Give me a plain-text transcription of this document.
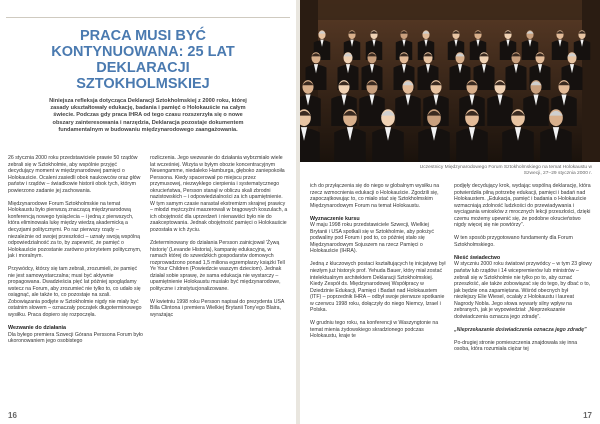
PRACA MUSI BYĆ KONTYNUOWANA: 25 LAT DEKLARACJI SZTOKHOLMSKIEJ
Niniejsza refleksja dotycząca Deklaracji Sztokholmskiej z 2000 roku, której zasady ukształtowały edukację, badania i pamięć o Holokauście na całym świecie. Podczas gdy praca IHRA od tego czasu rozszerzyła się o nowe obszary zainteresowania i narzędzia, Deklaracja pozostaje dokumentem fundamentalnym w budowaniu międzynarodowego zaangażowania.

26 stycznia 2000 roku przedstawiciele prawie 50 rządów zebrali się w Sztokholmie, aby wspólnie przyjęć decydujący moment w międzynarodowej pamięci o Holokauście. Ocaleni zasiedli obok naukowców oraz głów państw i rządów – świadkowie historii obok tych, którym powierzono zadanie jej zachowania.

Międzynarodowe Forum Sztokholmskie na temat Holokaustu było pierwszą znaczącą międzynarodową konferencją nowego tysiąclecia – i jedną z pierwszych, która eliminowała lukę między wiedzą akademicką a decyzjami politycznymi. Po raz pierwszy rządy – niezależnie od swojej przeszłości – uznały swoją wspólną odpowiedzialność za to, by zapewnić, że pamięć o Holokauście pozostanie zarówno priorytetem politycznym, jak i moralnym.

Przywódcy, którzy się tam zebrali, zrozumieli, że pamięć nie jest samowystarczalna; musi być aktywnie propagowana. Dwadzieścia pięć lat później spoglądamy wstecz na Forum, aby zrozumieć nie tylko to, co udało się osiągnąć, ale także to, co pozostaje na szali. Zobowiązania podjęte w Sztokholmie nigdy nie miały być ostatnim słowem – oznaczały początek długoterminowego wysiłku. Praca dopiero się rozpoczęła.

Wezwanie do działania

Dla byłego premiera Szwecji Górana Perssona Forum było ukoronowaniem jego osobistego

rozliczenia. Jego wezwanie do działania wybrzmiało wiele lat wcześniej. Wizyta w byłym obozie koncentracyjnym Neuengamme, niedaleko Hamburga, głęboko zaniepokoiła Perssona. Kiedy spacerował po miejscu przez przymusowej, niezwykłego cierpienia i systematycznego okrucieństwa, Persson stanął w obliczu skali zbrodni nazistowskich – i odpowiedzialności za ich upamiętnienie. W tym samym czasie narastał ekstremizm skrajnej prawicy – młodzi mężczyźni maszerowali w brągowych koszulach, a ich obojętność dla uprzedzeń i nienawiści było nie do zaakceptowania. Jednak obojętność pamięci o Holokauście pozostała w ich życiu.

Zdeterminowany do działania Persson zainicjował 'Żywą historię' (Levande Historia), kampanię edukacyjną, w ramach której do szwedzkich gospodarstw domowych rozprowadzono ponad 1,5 miliona egzemplarzy książki Tell Ye Your Children (Powiedzcie waszym dzieciom). Jednak działał sobie sprawę, że sama edukacja nie wystarczy – upamiętnienie Holokaustu musiało być międzynarodowe, polityczne i zinstytucjonalizowane.

W kwietniu 1998 roku Persson napisał do prezydenta USA Billa Clintona i premiera Wielkiej Brytanii Tony'ego Blaira, wyrażając

16
Uczestnicy Międzynarodowego Forum Sztokholmskiego na temat Holokaustu w Szwecji, 27–29 stycznia 2000 r.

ich do przyłączenia się do niego w globalnym wysiłku na rzecz wzmocnienia edukacji o Holokauście. Zgodzili się, zapoczątkowując to, co miało stać się Sztokholmskim Międzynarodowym Forum na temat Holokaustu.

Wyznaczenie kursu

W maju 1998 roku przedstawiciele Szwecji, Wielkiej Brytanii i USA spotkali się w Sztokholmie, aby położyć podwaliny pod Forum i pod to, co później stało się Międzynarodowym Sojuszem na rzecz Pamięci o Holokauście (IHRA).

Jedną z kluczowych postaci kształtujących tę inicjatywę był niezłym już historyk prof. Yehuda Bauer, który miał zostać intelektualnym architektem Deklaracji Sztokholmskiej. Kiedy Zespół ds. Międzynarodowej Współpracy w Dziedzinie Edukacji, Pamięci i Badań nad Holokaustem (ITF) – poprzednik IHRA – odbył swoje pierwsze spotkanie w czerwcu 1998 roku, dołączyły do niego Niemcy, Izrael i Polska.

W grudniu tego roku, na konferencji w Waszyngtonie na temat mienia żydowskiego skradzionego podczas Holokaustu, kraje te

podjęły decydujący krok, wydając wspólną deklarację, która potwierdziła pilną potrzebę edukacji, pamięci i badań nad Holokaustem. „Edukacja, pamięć i badania o Holokauście wzmacniają zdolność ludzkości do przewiadywania i wyciągania wniosków z mrocznych lekcji przeszłości, dzięki czemu możemy upewnić się, że podobne okrucieństwo nigdy więcej się nie powtórzy”.

W ten sposób przygotowano fundamenty dla Forum Sztokholmskiego.

Nieść świadectwo

W styczniu 2000 roku światowi przywódcy – w tym 23 głowy państw lub rządów i 14 wicepremierów lub ministrów – zebrali się w Sztokholmie nie tylko po to, aby oznać przeszłość, ale także zobowiązać się do tego, by dbać o to, jak będzie ona zapamiętana. Wśród obecnych był niezłejszy Elie Wiesel, ocalały z Holokaustu i laureat Nagrody Nobla. Jego słowa wywarły silny wpływ na zebranych, jak je wypowiedział: „Nieprzekazanie doświadczenia oznacza jego zdradę”.

„Nieprzekazanie doświadczenia oznacza jego zdradę”

Po-drugiej stronie pomieszczenia znajdowała się inna osoba, która rozumiała ciężar tej

17
